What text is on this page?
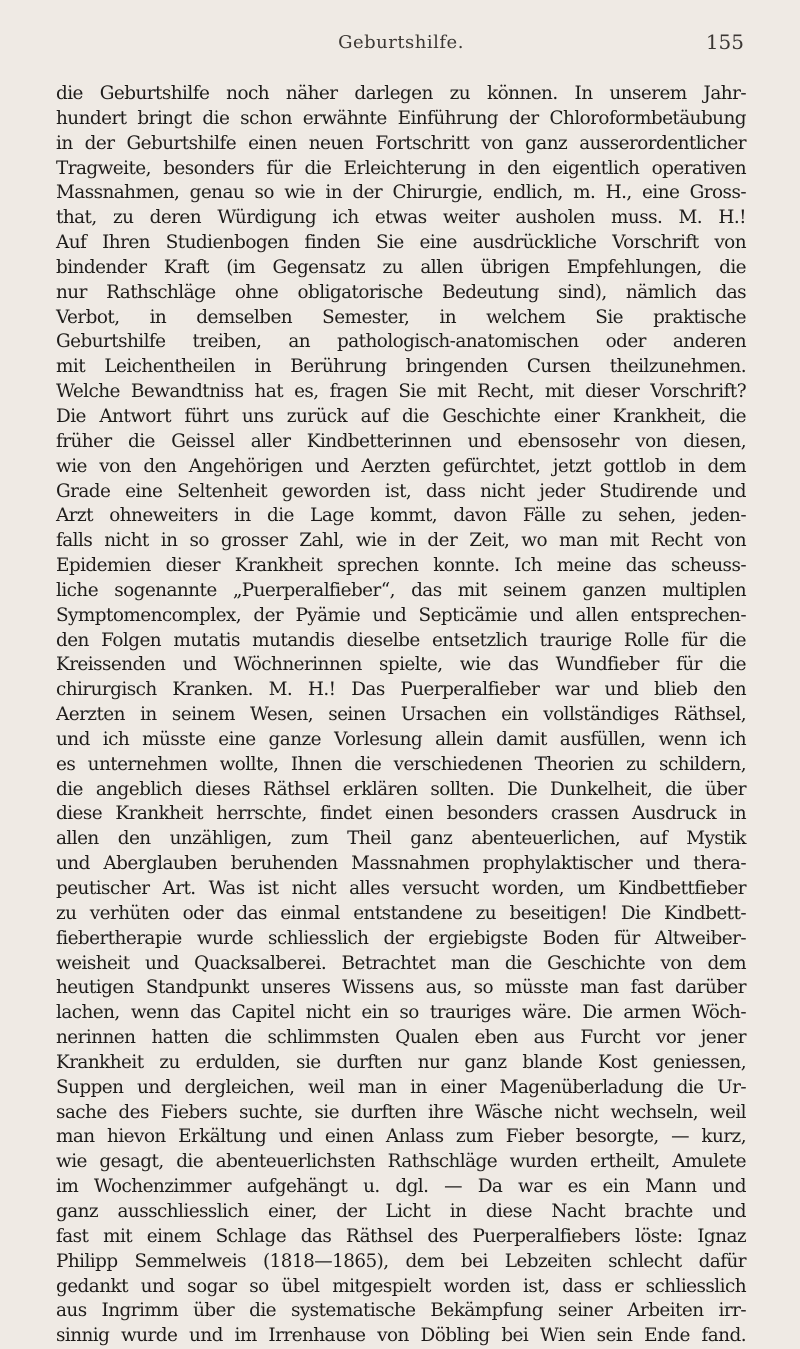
Geburtshilfe.	155
die Geburtshilfe noch näher darlegen zu können. In unserem Jahr-
hundert bringt die schon erwähnte Einführung der Chloroformbetäubung
in der Geburtshilfe einen neuen Fortschritt von ganz ausserordentlicher
Tragweite, besonders für die Erleichterung in den eigentlich operativen
Massnahmen, genau so wie in der Chirurgie, endlich, m. H., eine Gross-
that, zu deren Würdigung ich etwas weiter ausholen muss. M. H.!
Auf Ihren Studienbogen finden Sie eine ausdrückliche Vorschrift von
bindender Kraft (im Gegensatz zu allen übrigen Empfehlungen, die
nur Rathschläge ohne obligatorische Bedeutung sind), nämlich das
Verbot, in demselben Semester, in welchem Sie praktische
Geburtshilfe treiben, an pathologisch-anatomischen oder anderen
mit Leichentheilen in Berührung bringenden Cursen theilzunehmen.
Welche Bewandtniss hat es, fragen Sie mit Recht, mit dieser Vorschrift?
Die Antwort führt uns zurück auf die Geschichte einer Krankheit, die
früher die Geissel aller Kindbetterinnen und ebensosehr von diesen,
wie von den Angehörigen und Aerzten gefürchtet, jetzt gottlob in dem
Grade eine Seltenheit geworden ist, dass nicht jeder Studirende und
Arzt ohneweiters in die Lage kommt, davon Fälle zu sehen, jeden-
falls nicht in so grosser Zahl, wie in der Zeit, wo man mit Recht von
Epidemien dieser Krankheit sprechen konnte. Ich meine das scheuss-
liche sogenannte „Puerperalfieber“, das mit seinem ganzen multiplen
Symptomencomplex, der Pyämie und Septicämie und allen entsprechen-
den Folgen mutatis mutandis dieselbe entsetzlich traurige Rolle für die
Kreissenden und Wöchnerinnen spielte, wie das Wundfieber für die
chirurgisch Kranken. M. H.! Das Puerperalfieber war und blieb den
Aerzten in seinem Wesen, seinen Ursachen ein vollständiges Räthsel,
und ich müsste eine ganze Vorlesung allein damit ausfüllen, wenn ich
es unternehmen wollte, Ihnen die verschiedenen Theorien zu schildern,
die angeblich dieses Räthsel erklären sollten. Die Dunkelheit, die über
diese Krankheit herrschte, findet einen besonders crassen Ausdruck in
allen den unzähligen, zum Theil ganz abenteuerlichen, auf Mystik
und Aberglauben beruhenden Massnahmen prophylaktischer und thera-
peutischer Art. Was ist nicht alles versucht worden, um Kindbettfieber
zu verhüten oder das einmal entstandene zu beseitigen! Die Kindbett-
fiebertherapie wurde schliesslich der ergiebigste Boden für Altweiber-
weisheit und Quacksalberei. Betrachtet man die Geschichte von dem
heutigen Standpunkt unseres Wissens aus, so müsste man fast darüber
lachen, wenn das Capitel nicht ein so trauriges wäre. Die armen Wöch-
nerinnen hatten die schlimmsten Qualen eben aus Furcht vor jener
Krankheit zu erdulden, sie durften nur ganz blande Kost geniessen,
Suppen und dergleichen, weil man in einer Magenüberladung die Ur-
sache des Fiebers suchte, sie durften ihre Wäsche nicht wechseln, weil
man hievon Erkältung und einen Anlass zum Fieber besorgte, — kurz,
wie gesagt, die abenteuerlichsten Rathschläge wurden ertheilt, Amulete
im Wochenzimmer aufgehängt u. dgl. — Da war es ein Mann und
ganz ausschliesslich einer, der Licht in diese Nacht brachte und
fast mit einem Schlage das Räthsel des Puerperalfiebers löste: Ignaz
Philipp Semmelweis (1818—1865), dem bei Lebzeiten schlecht dafür
gedankt und sogar so übel mitgespielt worden ist, dass er schliesslich
aus Ingrimm über die systematische Bekämpfung seiner Arbeiten irr-
sinnig wurde und im Irrenhause von Döbling bei Wien sein Ende fand.
